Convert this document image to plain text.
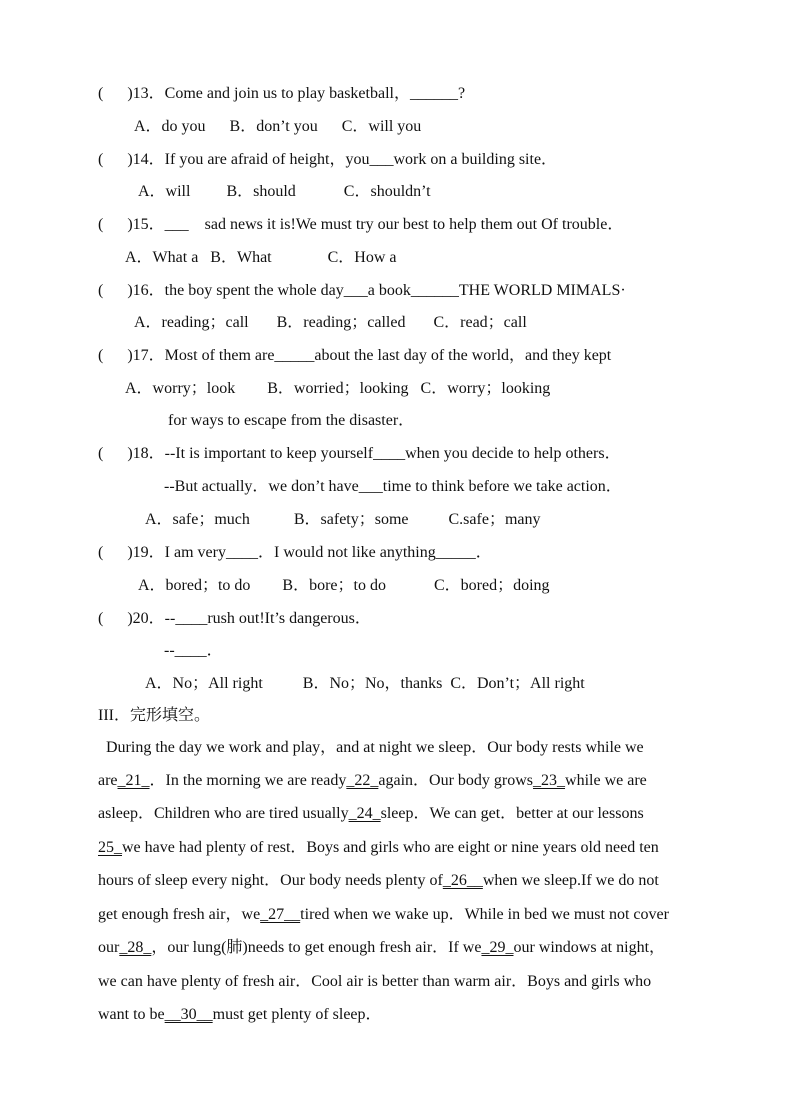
(      )13．Come and join us to play basketball，______?
A．do you      B．don’t you      C．will you
(      )14．If you are afraid of height，you___work on a building site．
A．will         B．should            C．shouldn’t
(      )15．___    sad news it is!We must try our best to help them out Of trouble．
A．What a   B．What              C．How a
(      )16．the boy spent the whole day___a book______THE WORLD MIMALS·
A．reading；call       B．reading；called       C．read；call
(      )17．Most of them are_____about the last day of the world，and they kept
for ways to escape from the disaster．
A．worry；look        B．worried；looking   C．worry；looking
(      )18．--It is important to keep yourself____when you decide to help others．
--But actually．we don’t have___time to think before we take action．
A．safe；much           B．safety；some          C.safe；many
(      )19．I am very____．I would not like anything_____．
A．bored；to do        B．bore；to do            C．bored；doing
(      )20．--____rush out!It’s dangerous．
--____．
A．No；All right          B．No；No，thanks  C．Don’t；All right
III．完形填空。
During the day we work and play，and at night we sleep．Our body rests while we
are_21_．In the morning we are ready_22_again．Our body grows_23_while we are
asleep．Children who are tired usually_24_sleep．We can get．better at our lessons
25_we have had plenty of rest．Boys and girls who are eight or nine years old need ten
hours of sleep every night．Our body needs plenty of_26__when we sleep.If we do not
get enough fresh air，we_27__tired when we wake up．While in bed we must not cover
our_28_，our lung(肺)needs to get enough fresh air．If we_29_our windows at night，
we can have plenty of fresh air．Cool air is better than warm air．Boys and girls who
want to be__30__must get plenty of sleep．
